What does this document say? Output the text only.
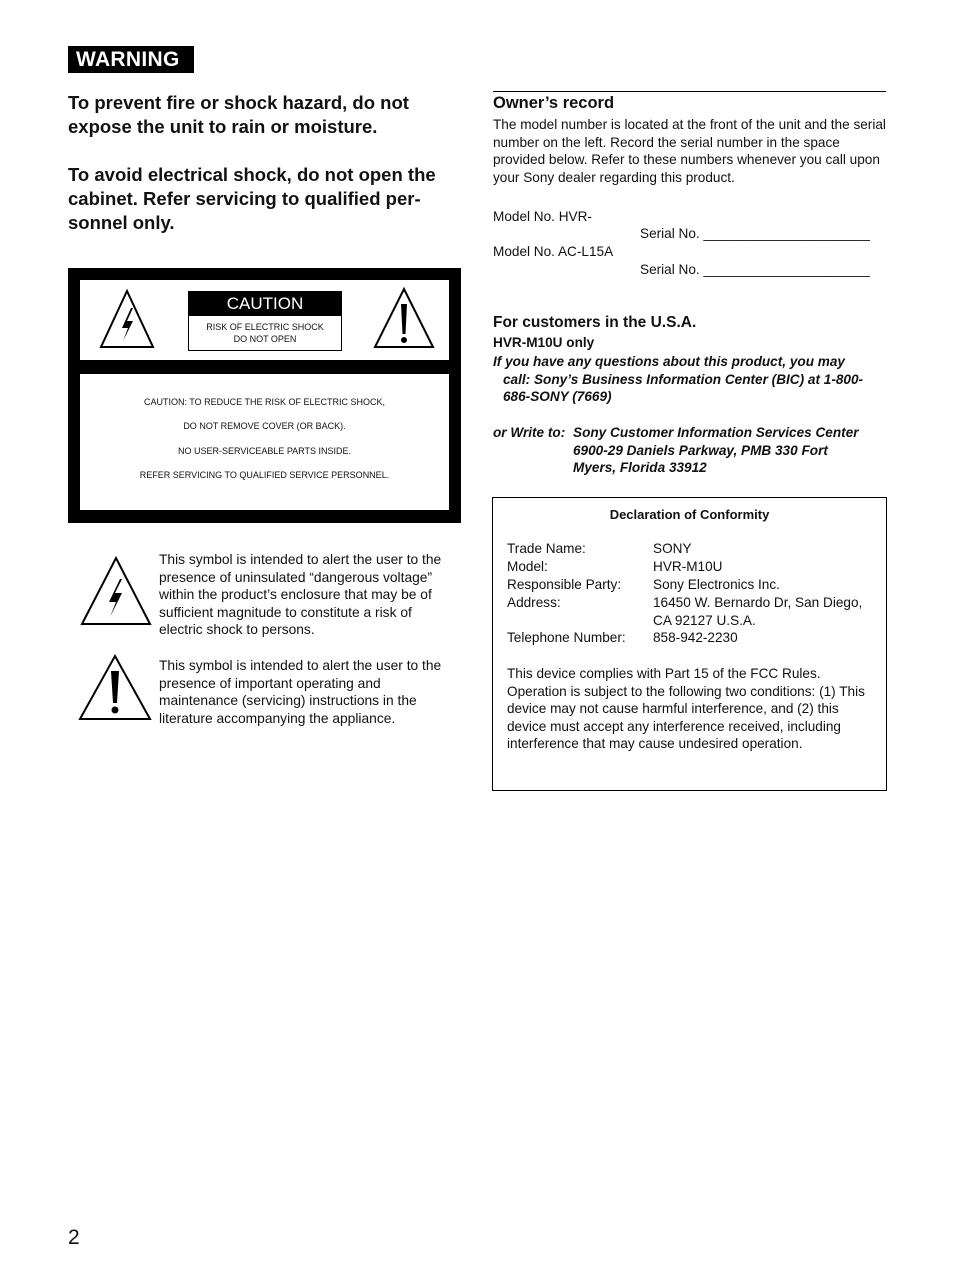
WARNING
To prevent fire or shock hazard, do not expose the unit to rain or moisture.
To avoid electrical shock, do not open the cabinet. Refer servicing to qualified per-sonnel only.
CAUTION
RISK OF ELECTRIC SHOCK
DO NOT OPEN
CAUTION: TO REDUCE THE RISK OF ELECTRIC SHOCK,
DO NOT REMOVE COVER (OR BACK).
NO USER-SERVICEABLE PARTS INSIDE.
REFER SERVICING TO QUALIFIED SERVICE PERSONNEL.
This symbol is intended to alert the user to the presence of uninsulated “dangerous voltage” within the product’s enclosure that may be of sufficient magnitude to constitute a risk of electric shock to persons.
This symbol is intended to alert the user to the presence of important operating and maintenance (servicing) instructions in the literature accompanying the appliance.
Owner’s record
The model number is located at the front of the unit and the serial number on the left. Record the serial number in the space provided below. Refer to these numbers whenever you call upon your Sony dealer regarding this product.
Model No. HVR-
Serial No. ______________________
Model No. AC-L15A
Serial No. ______________________
For customers in the U.S.A.
HVR-M10U only
If you have any questions about this product, you may
call: Sony’s Business Information Center (BIC) at 1-800-
686-SONY (7669)
or Write to: Sony Customer Information Services Center
6900-29 Daniels Parkway, PMB 330 Fort
Myers, Florida 33912
Declaration of Conformity
Trade Name:	SONY
Model:	HVR-M10U
Responsible Party: Sony Electronics Inc.
Address:	16450 W. Bernardo Dr, San Diego, CA 92127 U.S.A.
Telephone Number: 858-942-2230
This device complies with Part 15 of the FCC Rules. Operation is subject to the following two conditions: (1) This device may not cause harmful interference, and (2) this device must accept any interference received, including interference that may cause undesired operation.
2
